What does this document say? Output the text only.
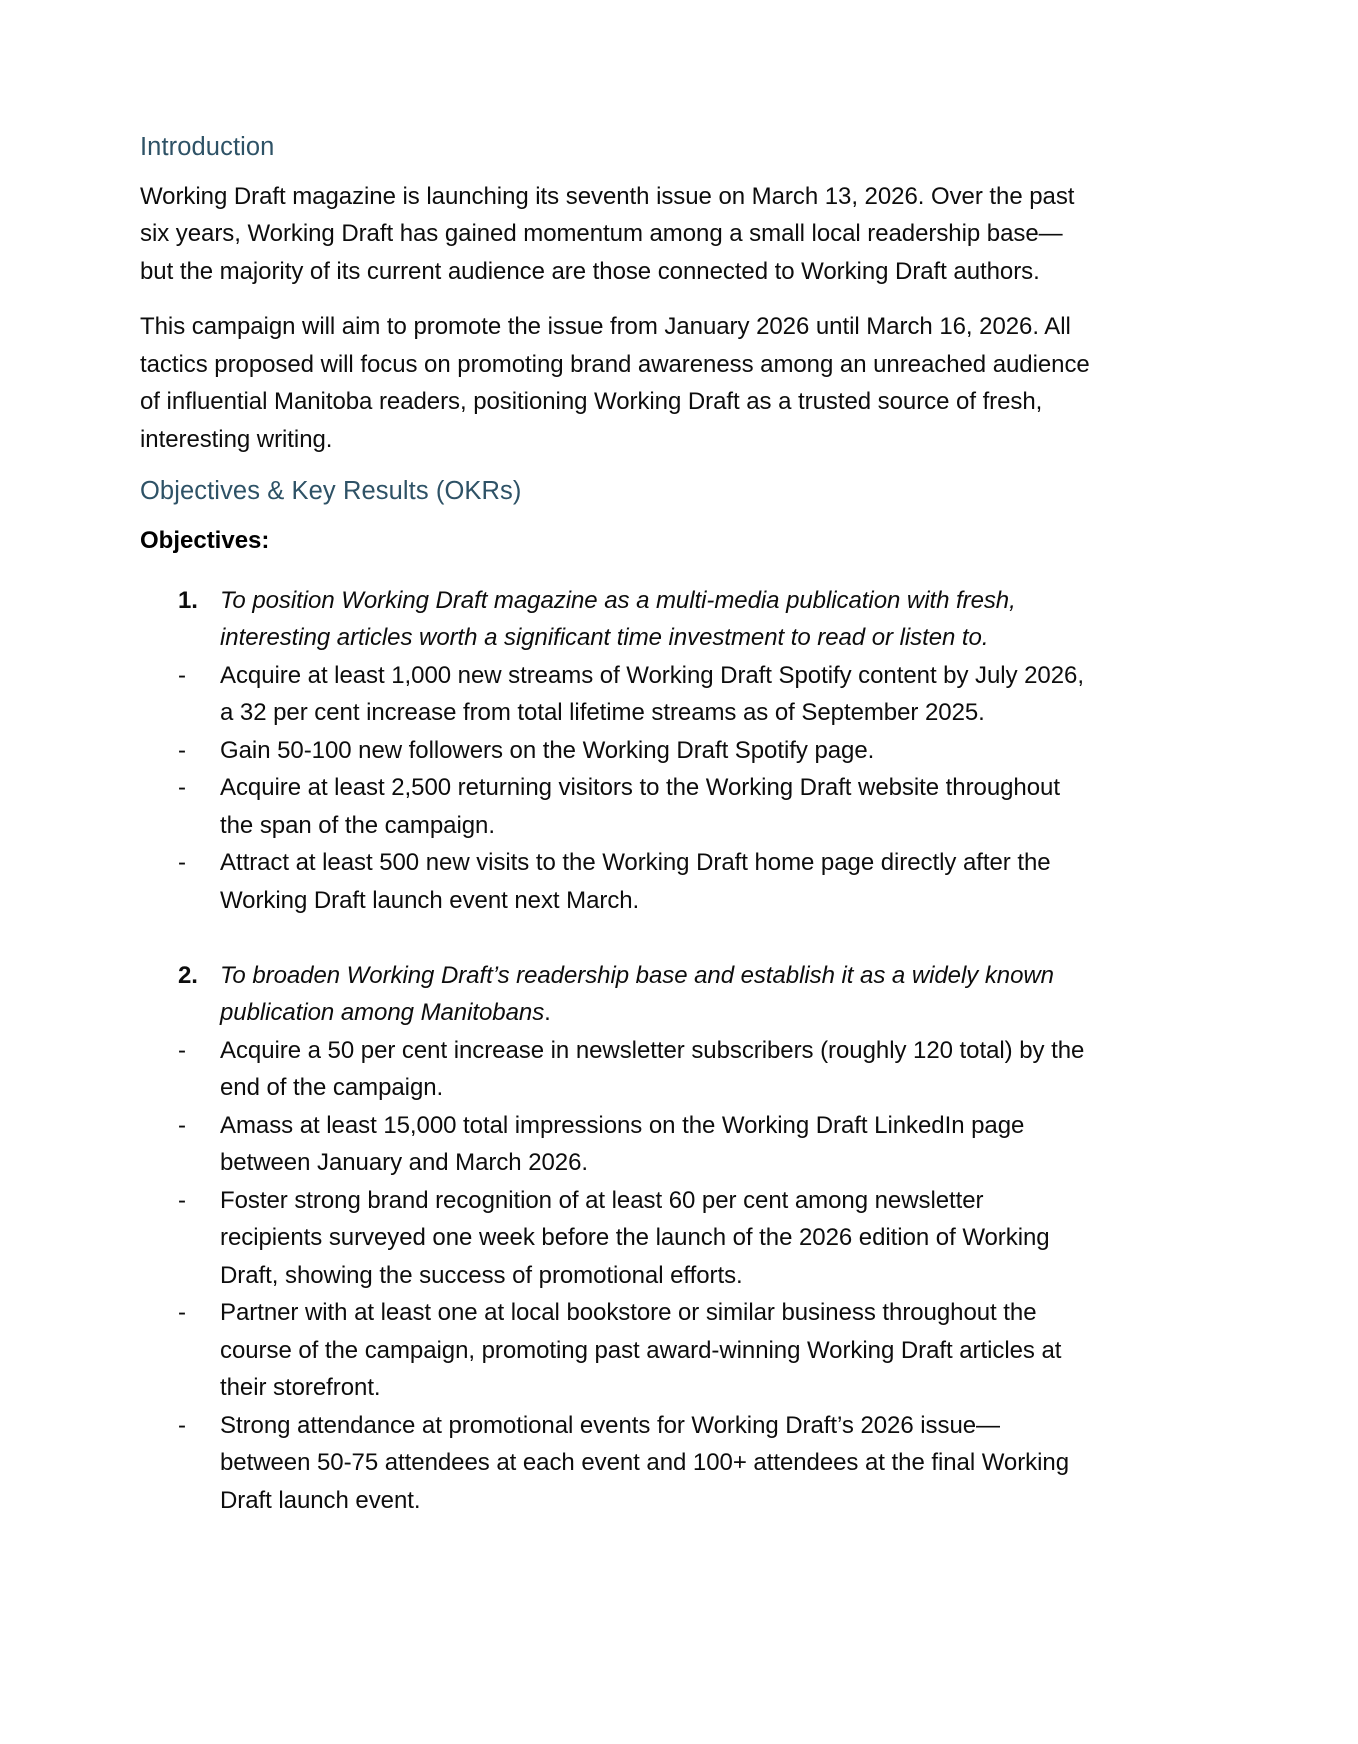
Introduction

Working Draft magazine is launching its seventh issue on March 13, 2026. Over the past six years, Working Draft has gained momentum among a small local readership base—but the majority of its current audience are those connected to Working Draft authors.

This campaign will aim to promote the issue from January 2026 until March 16, 2026. All tactics proposed will focus on promoting brand awareness among an unreached audience of influential Manitoba readers, positioning Working Draft as a trusted source of fresh, interesting writing.

Objectives & Key Results (OKRs)

Objectives:

1. To position Working Draft magazine as a multi-media publication with fresh, interesting articles worth a significant time investment to read or listen to.
-	Acquire at least 1,000 new streams of Working Draft Spotify content by July 2026, a 32 per cent increase from total lifetime streams as of September 2025.
-	Gain 50-100 new followers on the Working Draft Spotify page.
-	Acquire at least 2,500 returning visitors to the Working Draft website throughout the span of the campaign.
-	Attract at least 500 new visits to the Working Draft home page directly after the Working Draft launch event next March.
2. To broaden Working Draft’s readership base and establish it as a widely known publication among Manitobans.
-	Acquire a 50 per cent increase in newsletter subscribers (roughly 120 total) by the end of the campaign.
-	Amass at least 15,000 total impressions on the Working Draft LinkedIn page between January and March 2026.
-	Foster strong brand recognition of at least 60 per cent among newsletter recipients surveyed one week before the launch of the 2026 edition of Working Draft, showing the success of promotional efforts.
-	Partner with at least one at local bookstore or similar business throughout the course of the campaign, promoting past award-winning Working Draft articles at their storefront.
-	Strong attendance at promotional events for Working Draft’s 2026 issue—between 50-75 attendees at each event and 100+ attendees at the final Working Draft launch event.
